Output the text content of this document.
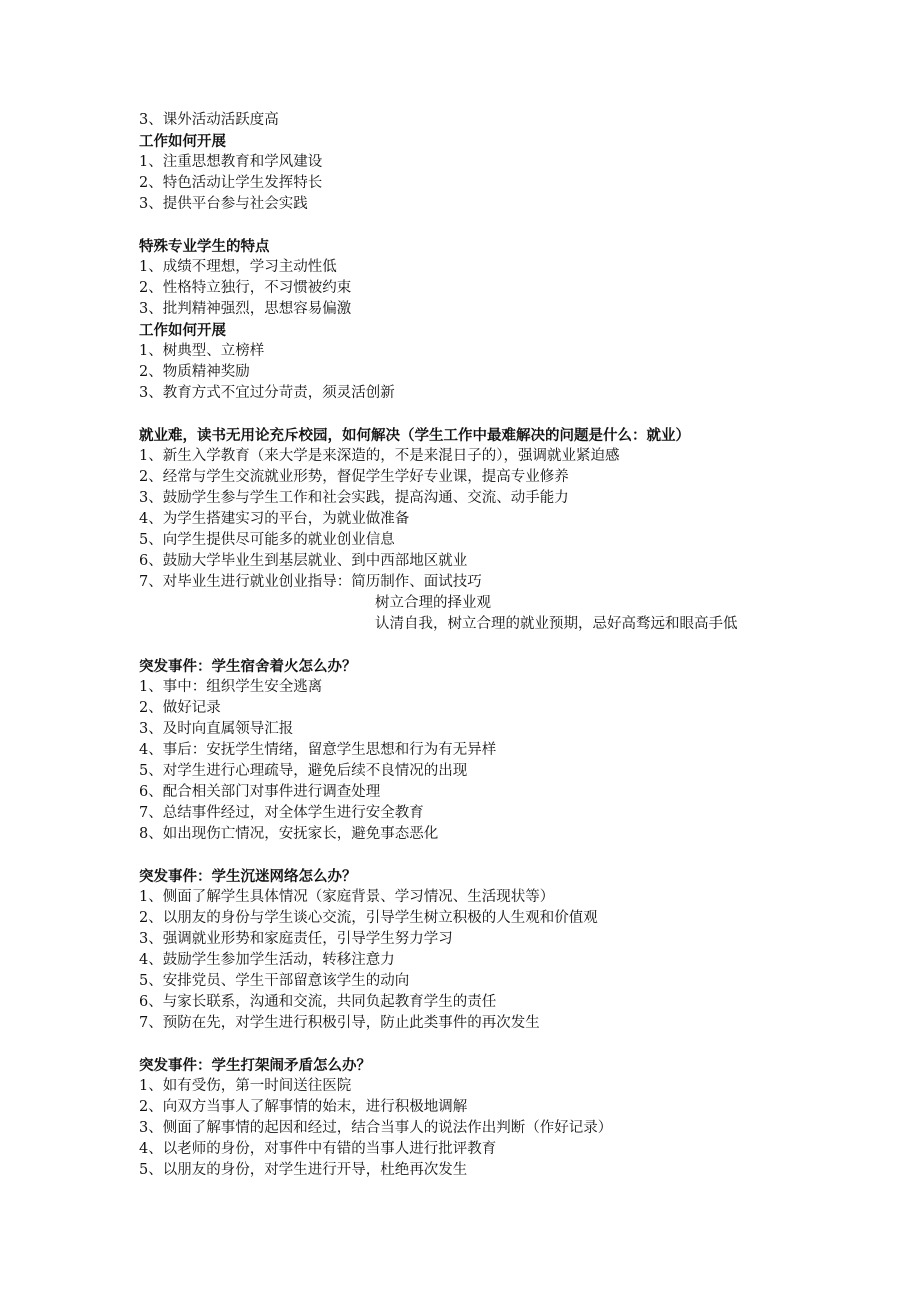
3、课外活动活跃度高
工作如何开展
1、注重思想教育和学风建设
2、特色活动让学生发挥特长
3、提供平台参与社会实践
特殊专业学生的特点
1、成绩不理想，学习主动性低
2、性格特立独行，不习惯被约束
3、批判精神强烈，思想容易偏激
工作如何开展
1、树典型、立榜样
2、物质精神奖励
3、教育方式不宜过分苛责，须灵活创新
就业难，读书无用论充斥校园，如何解决（学生工作中最难解决的问题是什么：就业）
1、新生入学教育（来大学是来深造的，不是来混日子的），强调就业紧迫感
2、经常与学生交流就业形势，督促学生学好专业课，提高专业修养
3、鼓励学生参与学生工作和社会实践，提高沟通、交流、动手能力
4、为学生搭建实习的平台，为就业做准备
5、向学生提供尽可能多的就业创业信息
6、鼓励大学毕业生到基层就业、到中西部地区就业
7、对毕业生进行就业创业指导：简历制作、面试技巧
树立合理的择业观
认清自我，树立合理的就业预期，忌好高骛远和眼高手低
突发事件：学生宿舍着火怎么办？
1、事中：组织学生安全逃离
2、做好记录
3、及时向直属领导汇报
4、事后：安抚学生情绪，留意学生思想和行为有无异样
5、对学生进行心理疏导，避免后续不良情况的出现
6、配合相关部门对事件进行调查处理
7、总结事件经过，对全体学生进行安全教育
8、如出现伤亡情况，安抚家长，避免事态恶化
突发事件：学生沉迷网络怎么办？
1、侧面了解学生具体情况（家庭背景、学习情况、生活现状等）
2、以朋友的身份与学生谈心交流，引导学生树立积极的人生观和价值观
3、强调就业形势和家庭责任，引导学生努力学习
4、鼓励学生参加学生活动，转移注意力
5、安排党员、学生干部留意该学生的动向
6、与家长联系，沟通和交流，共同负起教育学生的责任
7、预防在先，对学生进行积极引导，防止此类事件的再次发生
突发事件：学生打架闹矛盾怎么办？
1、如有受伤，第一时间送往医院
2、向双方当事人了解事情的始末，进行积极地调解
3、侧面了解事情的起因和经过，结合当事人的说法作出判断（作好记录）
4、以老师的身份，对事件中有错的当事人进行批评教育
5、以朋友的身份，对学生进行开导，杜绝再次发生
